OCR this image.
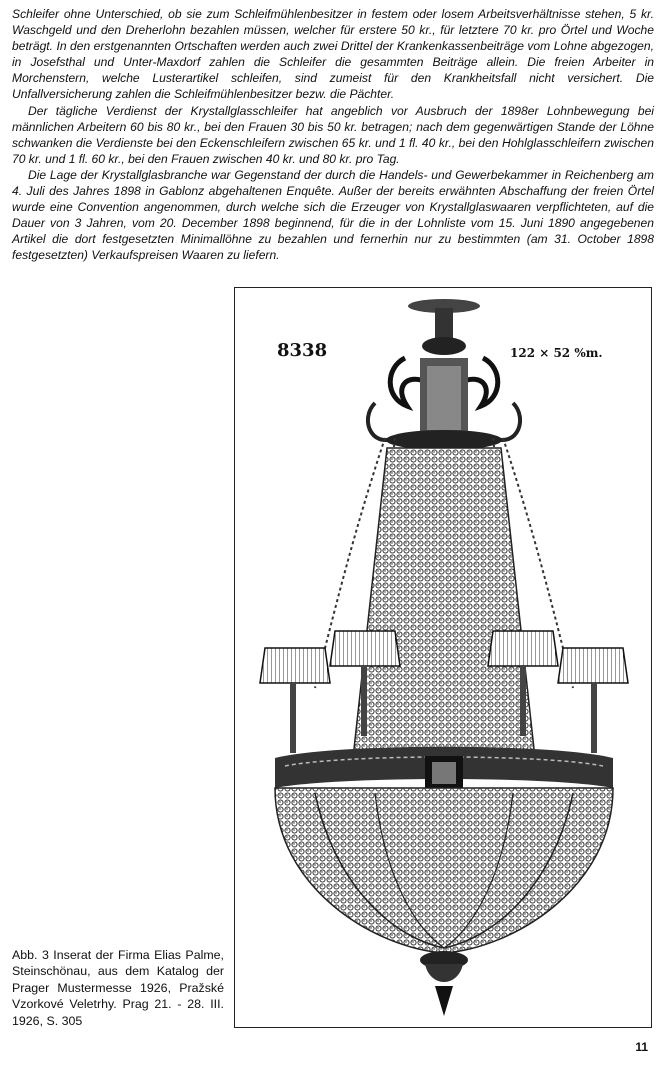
Schleifer ohne Unterschied, ob sie zum Schleifmühlenbesitzer in festem oder losem Arbeitsverhältnisse stehen, 5 kr. Waschgeld und den Dreherlohn bezahlen müssen, welcher für erstere 50 kr., für letztere 70 kr. pro Örtel und Woche beträgt. In den erstgenannten Ortschaften werden auch zwei Drittel der Krankenkassenbeiträge vom Lohne abgezogen, in Josefsthal und Unter-Maxdorf zahlen die Schleifer die gesammten Beiträge allein. Die freien Arbeiter in Morchenstern, welche Lusterartikel schleifen, sind zumeist für den Krankheitsfall nicht versichert. Die Unfallversicherung zahlen die Schleifmühlenbesitzer bezw. die Pächter.

Der tägliche Verdienst der Krystallglasschleifer hat angeblich vor Ausbruch der 1898er Lohnbewegung bei männlichen Arbeitern 60 bis 80 kr., bei den Frauen 30 bis 50 kr. betragen; nach dem gegenwärtigen Stande der Löhne schwanken die Verdienste bei den Eckenschleifern zwischen 65 kr. und 1 fl. 40 kr., bei den Hohlglasschleifern zwischen 70 kr. und 1 fl. 60 kr., bei den Frauen zwischen 40 kr. und 80 kr. pro Tag.

Die Lage der Krystallglasbranche war Gegenstand der durch die Handels- und Gewerbekammer in Reichenberg am 4. Juli des Jahres 1898 in Gablonz abgehaltenen Enquête. Außer der bereits erwähnten Abschaffung der freien Örtel wurde eine Convention angenommen, durch welche sich die Erzeuger von Krystallglaswaaren verpflichteten, auf die Dauer von 3 Jahren, vom 20. December 1898 beginnend, für die in der Lohnliste vom 15. Juni 1890 angegebenen Artikel die dort festgesetzten Minimallöhne zu bezahlen und fernerhin nur zu bestimmten (am 31. October 1898 festgesetzten) Verkaufspreisen Waaren zu liefern.

8338	122 × 52 %m.

Abb. 3 Inserat der Firma Elias Palme, Steinschönau, aus dem Katalog der Prager Mustermesse 1926, Pražské Vzorkové Veletrhy. Prag 21. - 28. III. 1926, S. 305

11
